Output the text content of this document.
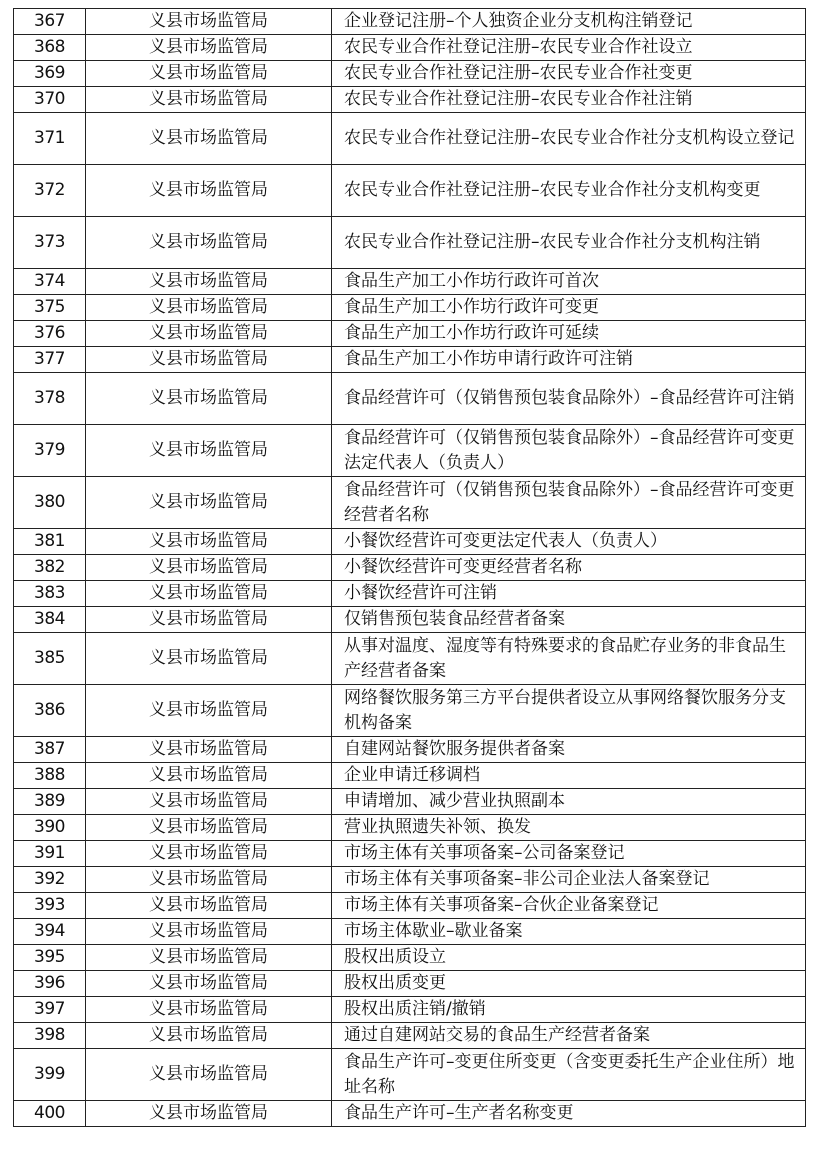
367	义县市场监管局	企业登记注册–个人独资企业分支机构注销登记
368	义县市场监管局	农民专业合作社登记注册–农民专业合作社设立
369	义县市场监管局	农民专业合作社登记注册–农民专业合作社变更
370	义县市场监管局	农民专业合作社登记注册–农民专业合作社注销
371	义县市场监管局	农民专业合作社登记注册–农民专业合作社分支机构设立登记
372	义县市场监管局	农民专业合作社登记注册–农民专业合作社分支机构变更
373	义县市场监管局	农民专业合作社登记注册–农民专业合作社分支机构注销
374	义县市场监管局	食品生产加工小作坊行政许可首次
375	义县市场监管局	食品生产加工小作坊行政许可变更
376	义县市场监管局	食品生产加工小作坊行政许可延续
377	义县市场监管局	食品生产加工小作坊申请行政许可注销
378	义县市场监管局	食品经营许可（仅销售预包装食品除外）–食品经营许可注销
379	义县市场监管局	食品经营许可（仅销售预包装食品除外）–食品经营许可变更法定代表人（负责人）
380	义县市场监管局	食品经营许可（仅销售预包装食品除外）–食品经营许可变更经营者名称
381	义县市场监管局	小餐饮经营许可变更法定代表人（负责人）
382	义县市场监管局	小餐饮经营许可变更经营者名称
383	义县市场监管局	小餐饮经营许可注销
384	义县市场监管局	仅销售预包装食品经营者备案
385	义县市场监管局	从事对温度、湿度等有特殊要求的食品贮存业务的非食品生产经营者备案
386	义县市场监管局	网络餐饮服务第三方平台提供者设立从事网络餐饮服务分支机构备案
387	义县市场监管局	自建网站餐饮服务提供者备案
388	义县市场监管局	企业申请迁移调档
389	义县市场监管局	申请增加、减少营业执照副本
390	义县市场监管局	营业执照遗失补领、换发
391	义县市场监管局	市场主体有关事项备案–公司备案登记
392	义县市场监管局	市场主体有关事项备案–非公司企业法人备案登记
393	义县市场监管局	市场主体有关事项备案–合伙企业备案登记
394	义县市场监管局	市场主体歇业–歇业备案
395	义县市场监管局	股权出质设立
396	义县市场监管局	股权出质变更
397	义县市场监管局	股权出质注销/撤销
398	义县市场监管局	通过自建网站交易的食品生产经营者备案
399	义县市场监管局	食品生产许可–变更住所变更（含变更委托生产企业住所）地址名称
400	义县市场监管局	食品生产许可–生产者名称变更
